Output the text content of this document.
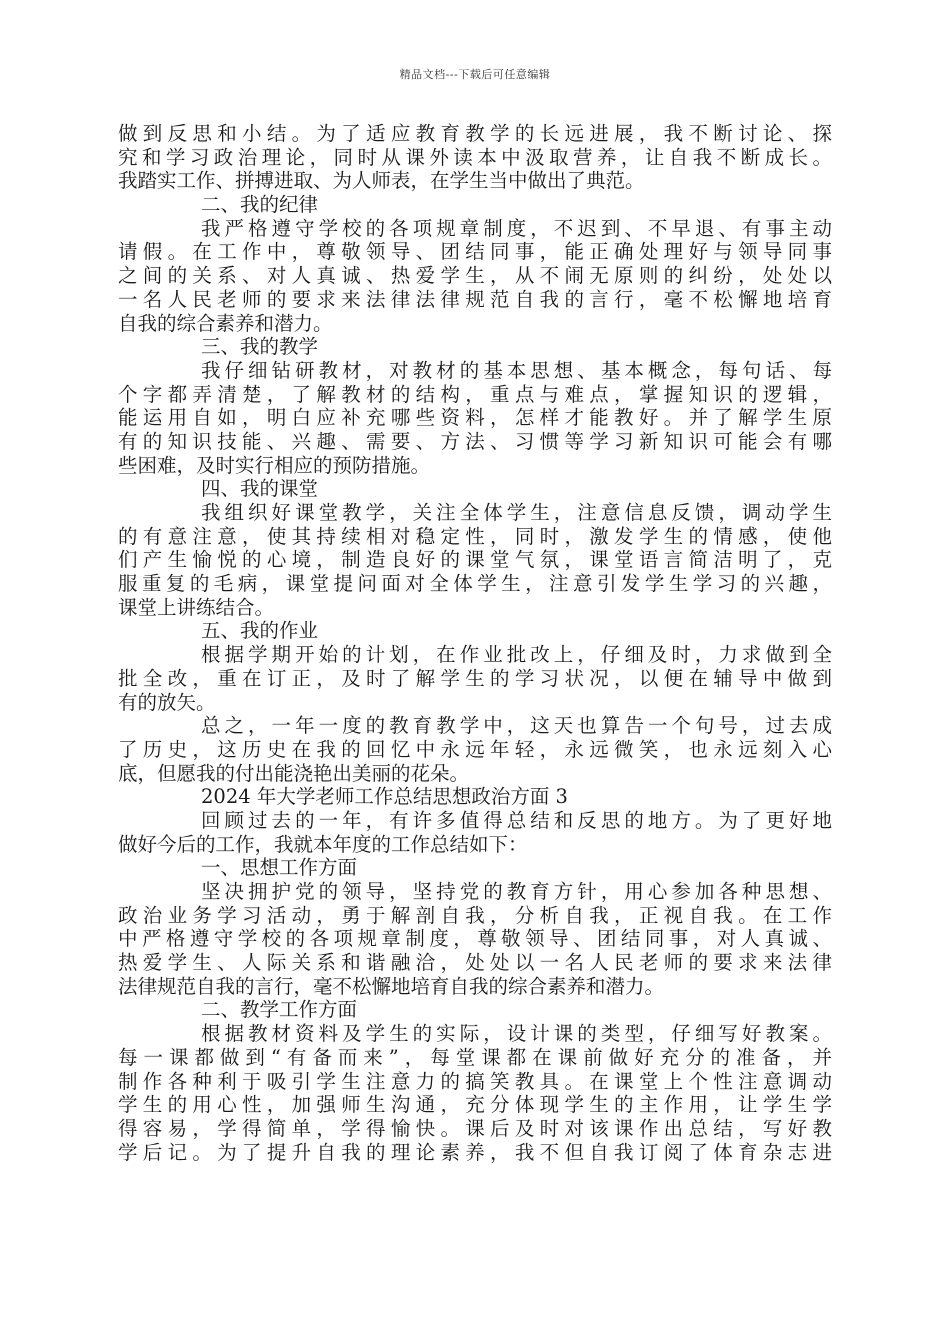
精品文档---下载后可任意编辑
做到反思和小结。为了适应教育教学的长远进展，我不断讨论、探
究和学习政治理论，同时从课外读本中汲取营养，让自我不断成长。
我踏实工作、拼搏进取、为人师表，在学生当中做出了典范。
二、我的纪律
我严格遵守学校的各项规章制度，不迟到、不早退、有事主动
请假。在工作中，尊敬领导、团结同事，能正确处理好与领导同事
之间的关系、对人真诚、热爱学生，从不闹无原则的纠纷，处处以
一名人民老师的要求来法律法律规范自我的言行，毫不松懈地培育
自我的综合素养和潜力。
三、我的教学
我仔细钻研教材，对教材的基本思想、基本概念，每句话、每
个字都弄清楚，了解教材的结构，重点与难点，掌握知识的逻辑，
能运用自如，明白应补充哪些资料，怎样才能教好。并了解学生原
有的知识技能、兴趣、需要、方法、习惯等学习新知识可能会有哪
些困难，及时实行相应的预防措施。
四、我的课堂
我组织好课堂教学，关注全体学生，注意信息反馈，调动学生
的有意注意，使其持续相对稳定性，同时，激发学生的情感，使他
们产生愉悦的心境，制造良好的课堂气氛，课堂语言简洁明了，克
服重复的毛病，课堂提问面对全体学生，注意引发学生学习的兴趣，
课堂上讲练结合。
五、我的作业
根据学期开始的计划，在作业批改上，仔细及时，力求做到全
批全改，重在订正，及时了解学生的学习状况，以便在辅导中做到
有的放矢。
总之，一年一度的教育教学中，这天也算告一个句号，过去成
了历史，这历史在我的回忆中永远年轻，永远微笑，也永远刻入心
底，但愿我的付出能浇艳出美丽的花朵。
2024 年大学老师工作总结思想政治方面 3
回顾过去的一年，有许多值得总结和反思的地方。为了更好地
做好今后的工作，我就本年度的工作总结如下：
一、思想工作方面
坚决拥护党的领导，坚持党的教育方针，用心参加各种思想、
政治业务学习活动，勇于解剖自我，分析自我，正视自我。在工作
中严格遵守学校的各项规章制度，尊敬领导、团结同事，对人真诚、
热爱学生、人际关系和谐融洽，处处以一名人民老师的要求来法律
法律规范自我的言行，毫不松懈地培育自我的综合素养和潜力。
二、教学工作方面
根据教材资料及学生的实际，设计课的类型，仔细写好教案。
每一课都做到“有备而来”，每堂课都在课前做好充分的准备，并
制作各种利于吸引学生注意力的搞笑教具。在课堂上个性注意调动
学生的用心性，加强师生沟通，充分体现学生的主作用，让学生学
得容易，学得简单，学得愉快。课后及时对该课作出总结，写好教
学后记。为了提升自我的理论素养，我不但自我订阅了体育杂志进
